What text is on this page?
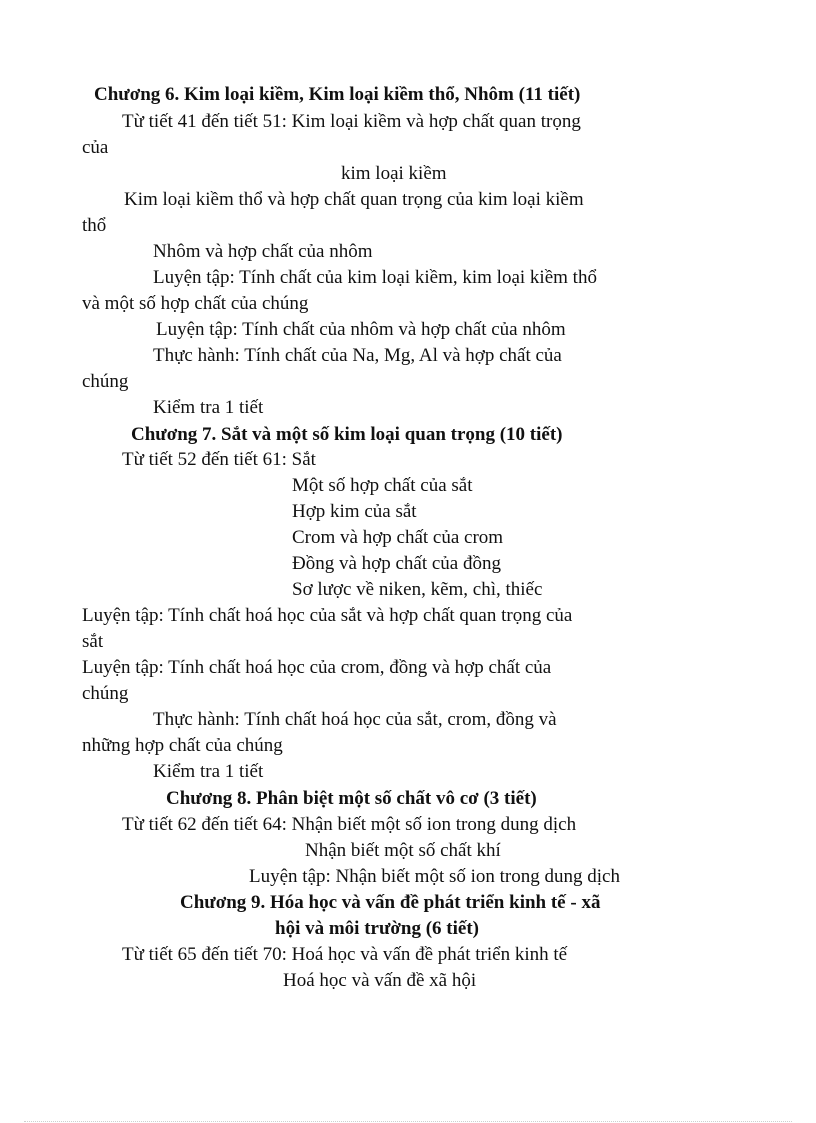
Chương 6. Kim loại kiềm, Kim loại kiềm thổ, Nhôm (11 tiết)
Từ tiết 41 đến tiết 51: Kim loại kiềm và hợp chất quan trọng
của
kim loại kiềm
Kim loại kiềm thổ và hợp chất quan trọng của kim loại kiềm
thổ
Nhôm và hợp chất của nhôm
Luyện tập: Tính chất của kim loại kiềm, kim loại kiềm thổ
và một số hợp chất của chúng
Luyện tập: Tính chất của nhôm và hợp chất của nhôm
Thực hành: Tính chất của Na, Mg, Al và hợp chất của
chúng
Kiểm tra 1 tiết
Chương 7. Sắt và một số kim loại quan trọng (10 tiết)
Từ tiết 52 đến tiết 61: Sắt
Một số hợp chất của sắt
Hợp kim của sắt
Crom và hợp chất của crom
Đồng và hợp chất của đồng
Sơ lược về niken, kẽm, chì, thiếc
Luyện tập: Tính chất hoá học của sắt và hợp chất quan trọng của
sắt
Luyện tập: Tính chất hoá học của crom, đồng và hợp chất của
chúng
Thực hành: Tính chất hoá học của sắt, crom, đồng và
những hợp chất của chúng
Kiểm tra 1 tiết
Chương 8. Phân biệt một số chất vô cơ (3 tiết)
Từ tiết 62 đến tiết 64: Nhận biết một số ion trong dung dịch
Nhận biết một số chất khí
Luyện tập: Nhận biết một số ion trong dung dịch
Chương 9. Hóa học và vấn đề phát triển kinh tế - xã
hội và môi trường (6 tiết)
Từ tiết 65 đến tiết 70: Hoá học và vấn đề phát triển kinh tế
Hoá học và vấn đề xã hội
